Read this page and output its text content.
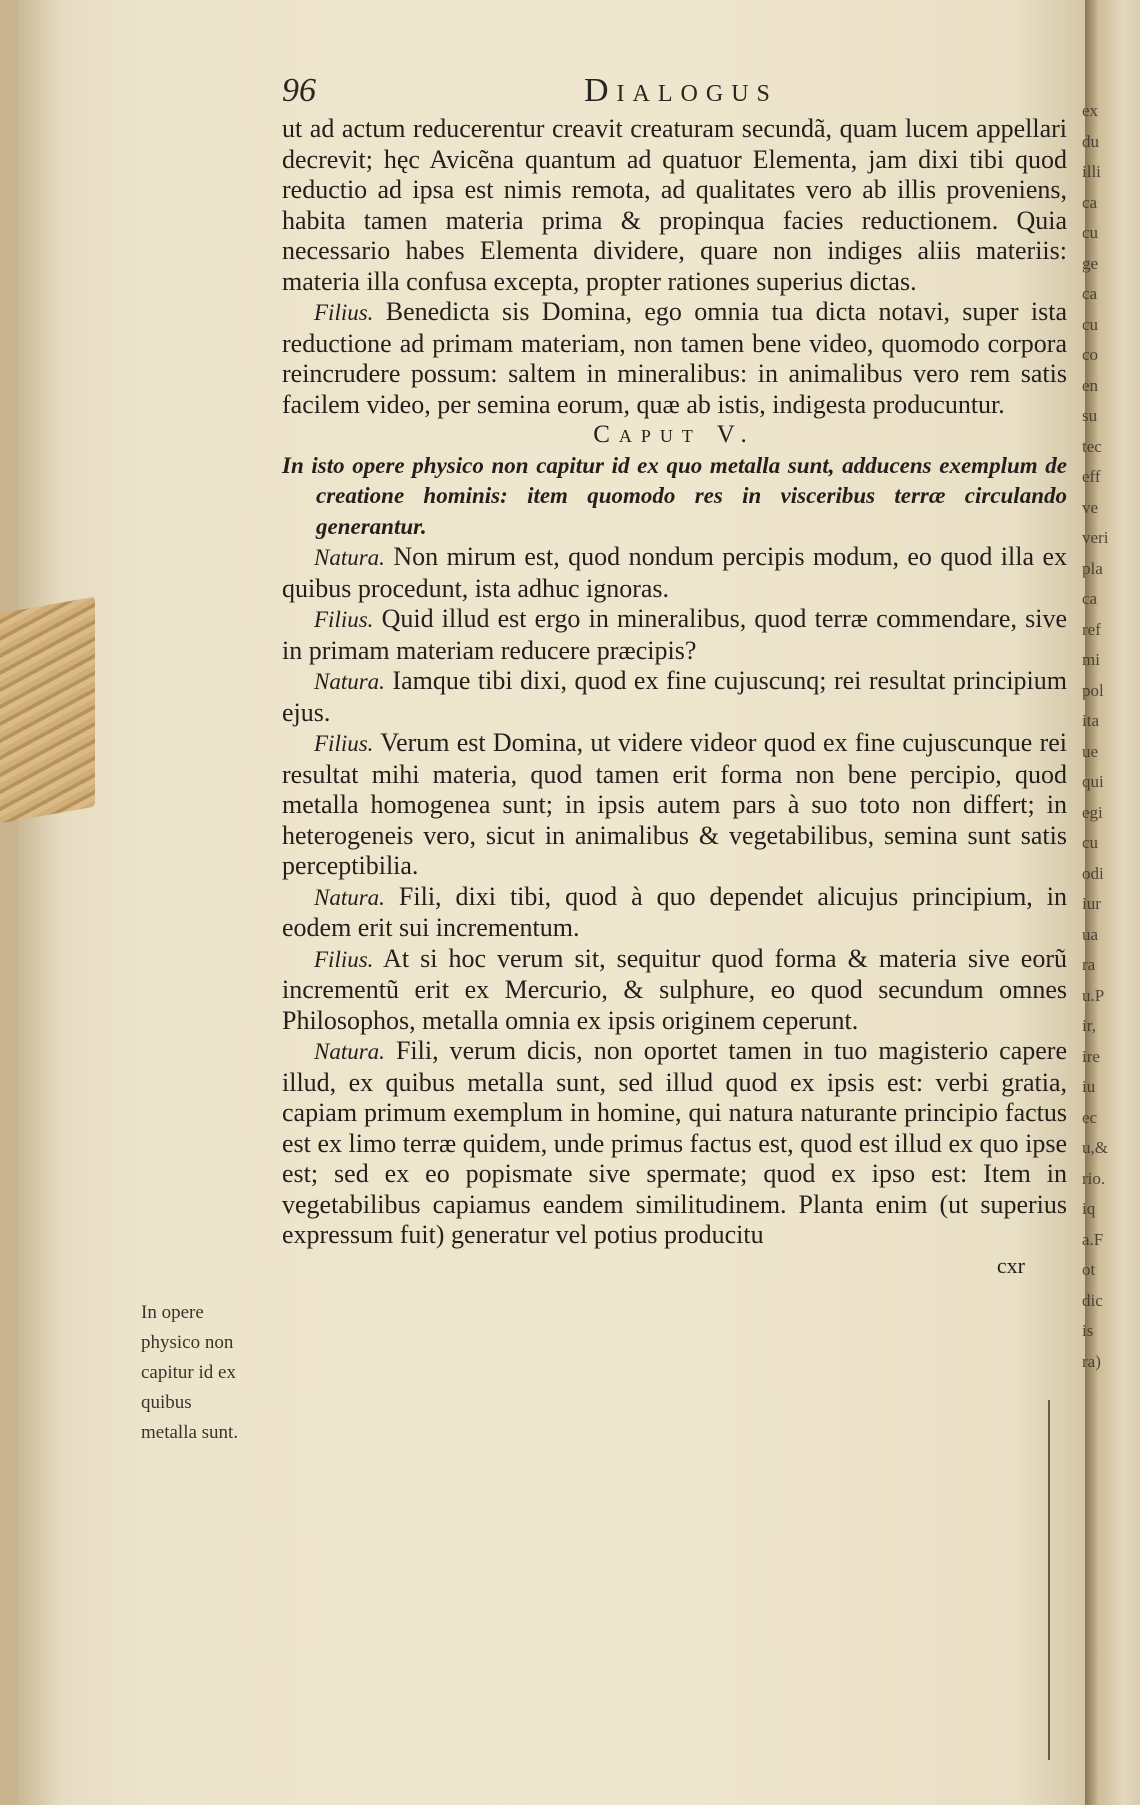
96	Dialogus

ut ad actum reducerentur creavit creaturam secundã, quam lucem appellari decrevit; hęc Avicẽna quantum ad quatuor Elementa, jam dixi tibi quod reductio ad ipsa est nimis remota, ad qualitates vero ab illis proveniens, habita tamen materia prima & propinqua facies reductionem. Quia necessario habes Elementa dividere, quare non indiges aliis materiis: materia illa confusa excepta, propter rationes superius dictas.

Filius. Benedicta sis Domina, ego omnia tua dicta notavi, super ista reductione ad primam materiam, non tamen bene video, quomodo corpora reincrudere possum: saltem in mineralibus: in animalibus vero rem satis facilem video, per semina eorum, quæ ab istis, indigesta producuntur.

Caput V.

In isto opere physico non capitur id ex quo metalla sunt, adducens exemplum de creatione hominis: item quomodo res in visceribus terræ circulando generantur.

Natura. Non mirum est, quod nondum percipis modum, eo quod illa ex quibus procedunt, ista adhuc ignoras.

Filius. Quid illud est ergo in mineralibus, quod terræ commendare, sive in primam materiam reducere præcipis?

Natura. Iamque tibi dixi, quod ex fine cujuscunq; rei resultat principium ejus.

Filius. Verum est Domina, ut videre videor quod ex fine cujuscunque rei resultat mihi materia, quod tamen erit forma non bene percipio, quod metalla homogenea sunt; in ipsis autem pars à suo toto non differt; in heterogeneis vero, sicut in animalibus & vegetabilibus, semina sunt satis perceptibilia.

Natura. Fili, dixi tibi, quod à quo dependet alicujus principium, in eodem erit sui incrementum.

Filius. At si hoc verum sit, sequitur quod forma & materia sive eorũ incrementũ erit ex Mercurio, & sulphure, eo quod secundum omnes Philosophos, metalla omnia ex ipsis originem ceperunt.

Natura. Fili, verum dicis, non oportet tamen in tuo magisterio capere illud, ex quibus metalla sunt, sed illud quod ex ipsis est: verbi gratia, capiam primum exemplum in homine, qui natura naturante principio factus est ex limo terræ quidem, unde primus factus est, quod est illud ex quo ipse est; sed ex eo popismate sive spermate; quod ex ipso est: Item in vegetabilibus capiamus eandem similitudinem. Planta enim (ut superius expressum fuit) generatur vel potius producitu

cxr

In opere physico non capitur id ex quibus metalla sunt.
ex
du
illi
ca
cu
ge
ca
cu
co
en
su
tec
eff
ve
veri
pla
ca
ref
mi
pol
ita
ue
qui
egi
cu
odi
iur
ua
ra
u.P
ir,
ire
iu
ec
u,&
rio.
iq
a.F
ot
dic
is
ra)
